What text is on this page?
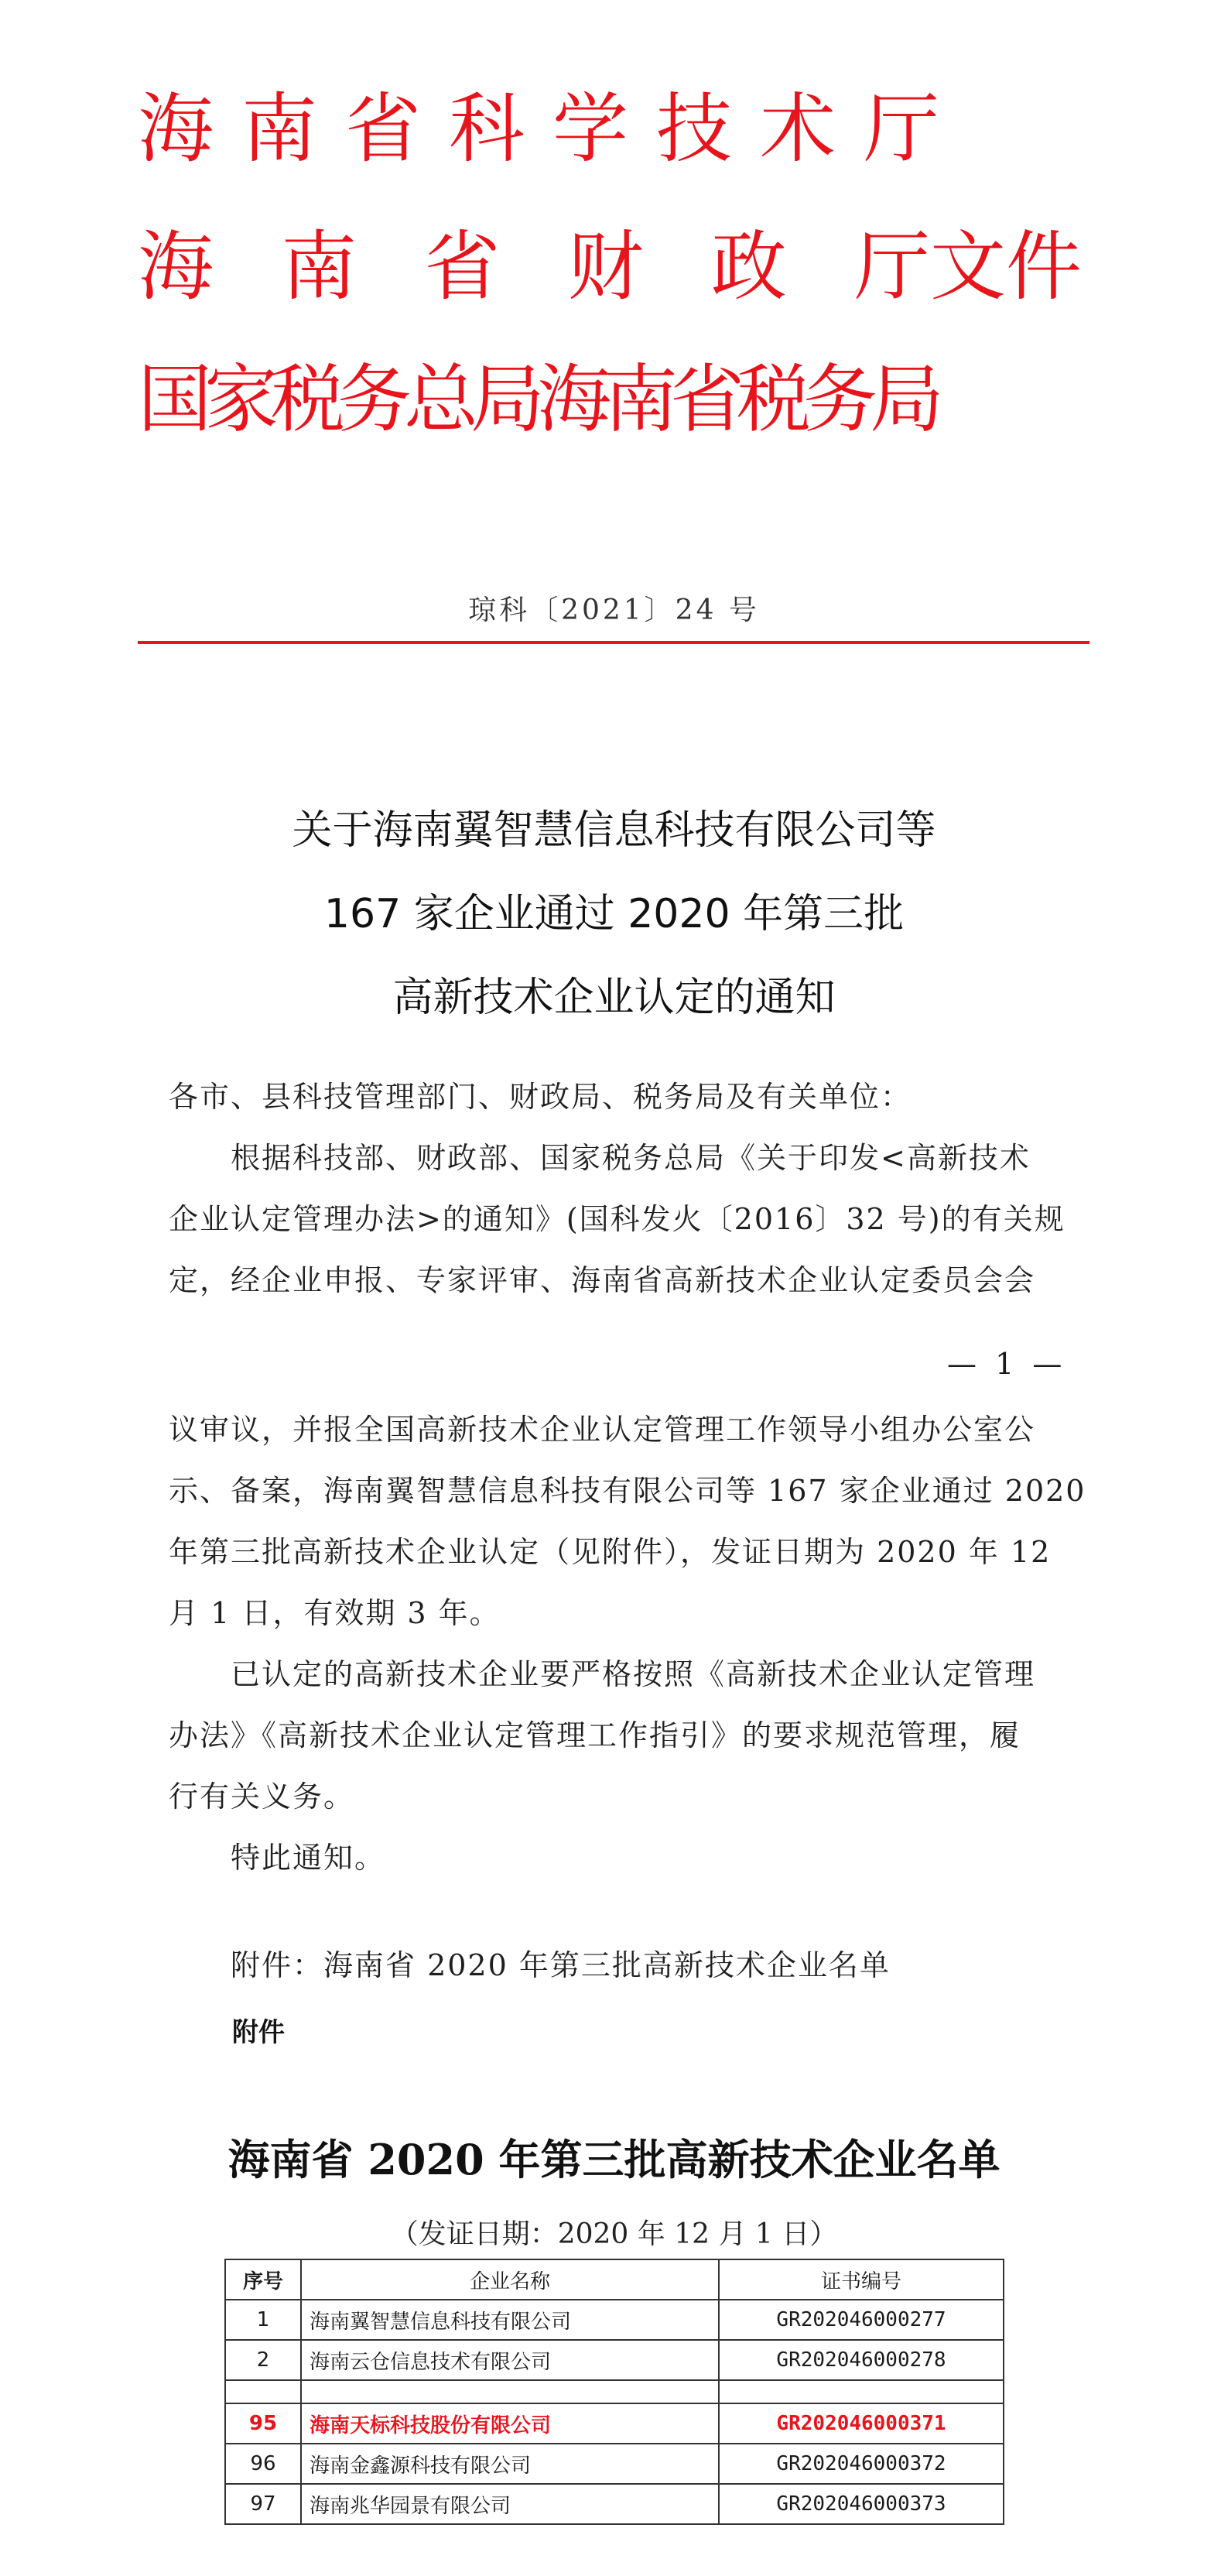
海南省科学技术厅
海 南 省 财 政 厅文件
国家税务总局海南省税务局
琼科〔2021〕24 号
关于海南翼智慧信息科技有限公司等
167 家企业通过 2020 年第三批
高新技术企业认定的通知
各市、县科技管理部门、财政局、税务局及有关单位：
　　根据科技部、财政部、国家税务总局《关于印发<高新技术
企业认定管理办法>的通知》(国科发火〔2016〕32 号)的有关规
定，经企业申报、专家评审、海南省高新技术企业认定委员会会
— 1 —
议审议，并报全国高新技术企业认定管理工作领导小组办公室公
示、备案，海南翼智慧信息科技有限公司等 167 家企业通过 2020
年第三批高新技术企业认定（见附件），发证日期为 2020 年 12
月 1 日，有效期 3 年。
　　已认定的高新技术企业要严格按照《高新技术企业认定管理
办法》《高新技术企业认定管理工作指引》的要求规范管理，履
行有关义务。
　　特此通知。
　　附件：海南省 2020 年第三批高新技术企业名单
附件
海南省 2020 年第三批高新技术企业名单
（发证日期：2020 年 12 月 1 日）
序号	企业名称	证书编号
1	海南翼智慧信息科技有限公司	GR202046000277
2	海南云仓信息技术有限公司	GR202046000278

95	海南天标科技股份有限公司	GR202046000371
96	海南金鑫源科技有限公司	GR202046000372
97	海南兆华园景有限公司	GR202046000373
